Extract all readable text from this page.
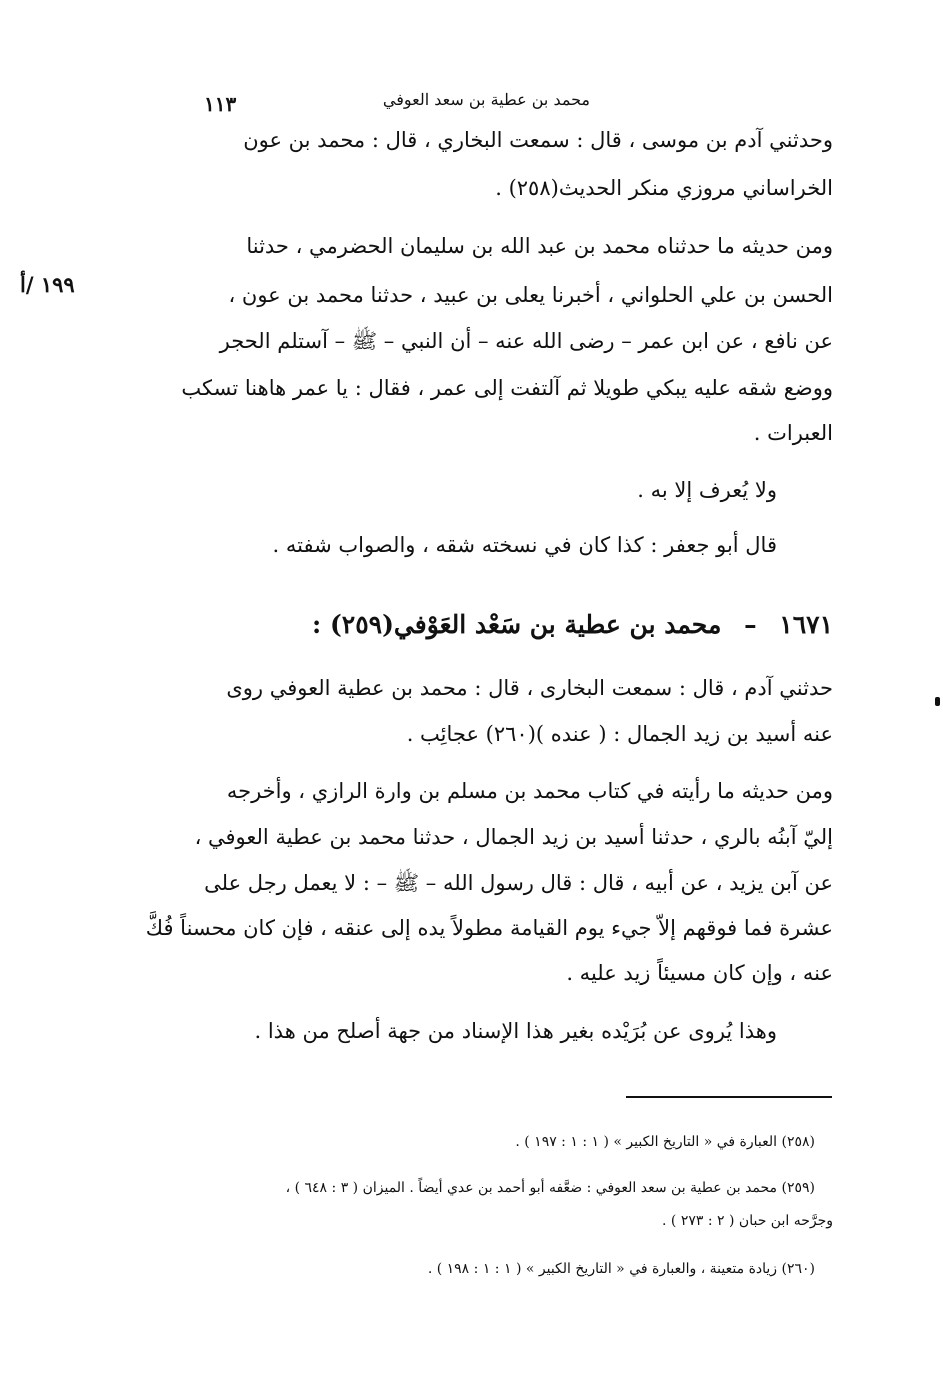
محمد بن عطية بن سعد العوفي
١١٣
وحدثني آدم بن موسى ، قال : سمعت البخاري ، قال : محمد بن عون
الخراساني مروزي منكر الحديث(٢٥٨) .
ومن حديثه ما حدثناه محمد بن عبد الله بن سليمان الحضرمي ، حدثنا
الحسن بن علي الحلواني ، أخبرنا يعلى بن عبيد ، حدثنا محمد بن عون ،
عن نافع ، عن ابن عمر – رضى الله عنه – أن النبي – ﷺ – آستلم الحجر
ووضع شقه عليه يبكي طويلا ثم آلتفت إلى عمر ، فقال : يا عمر هاهنا تسكب
العبرات .
١٩٩ /أ
ولا يُعرف إلا به .
قال أبو جعفر : كذا كان في نسخته شقه ، والصواب شفته .
١٦٧١ – محمد بن عطية بن سَعْد العَوْفي(٢٥٩) :
حدثني آدم ، قال : سمعت البخارى ، قال : محمد بن عطية العوفي روى
عنه أسيد بن زيد الجمال : ( عنده )(٢٦٠) عجائِب .
ومن حديثه ما رأيته في كتاب محمد بن مسلم بن وارة الرازي ، وأخرجه
إليّ آبنُه بالري ، حدثنا أسيد بن زيد الجمال ، حدثنا محمد بن عطية العوفي ،
عن آبن يزيد ، عن أبيه ، قال : قال رسول الله – ﷺ – : لا يعمل رجل على
عشرة فما فوقهم إلاّ جيء يوم القيامة مطولاً يده إلى عنقه ، فإن كان محسناً فُكَّ
عنه ، وإن كان مسيئاً زيد عليه .
وهذا يُروى عن بُرَيْده بغير هذا الإسناد من جهة أصلح من هذا .
(٢٥٨) العبارة في « التاريخ الكبير » ( ١ : ١ : ١٩٧ ) .
(٢٥٩) محمد بن عطية بن سعد العوفي : ضعَّفه أبو أحمد بن عدي أيضاً . الميزان ( ٣ : ٦٤٨ ) ،
وجرَّحه ابن حبان ( ٢ : ٢٧٣ ) .
(٢٦٠) زيادة متعينة ، والعبارة في « التاريخ الكبير » ( ١ : ١ : ١٩٨ ) .
